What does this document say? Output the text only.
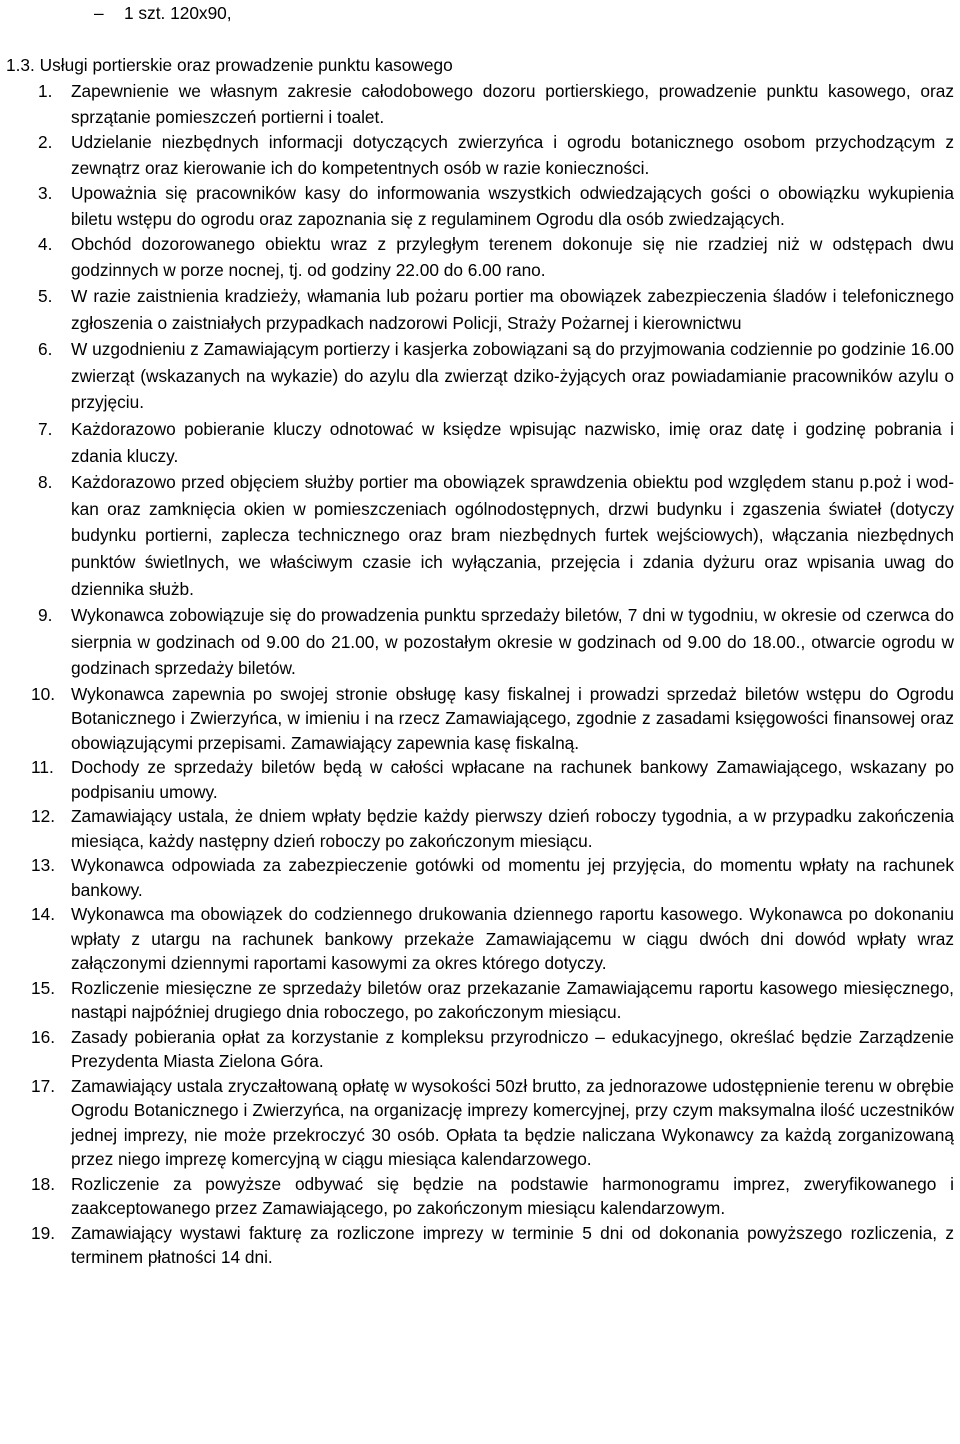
– 1 szt. 120x90,
1.3. Usługi portierskie oraz prowadzenie punktu kasowego
1. Zapewnienie we własnym zakresie całodobowego dozoru portierskiego, prowadzenie punktu kasowego, oraz sprzątanie pomieszczeń portierni i toalet.
2. Udzielanie niezbędnych informacji dotyczących zwierzyńca i ogrodu botanicznego osobom przychodzącym z zewnątrz oraz kierowanie ich do kompetentnych osób w razie konieczności.
3. Upoważnia się pracowników kasy do informowania wszystkich odwiedzających gości o obowiązku wykupienia biletu wstępu do ogrodu oraz zapoznania się z regulaminem Ogrodu dla osób zwiedzających.
4. Obchód dozorowanego obiektu wraz z przyległym terenem dokonuje się nie rzadziej niż w odstępach dwu godzinnych w porze nocnej, tj. od godziny 22.00 do 6.00 rano.
5. W razie zaistnienia kradzieży, włamania lub pożaru portier ma obowiązek zabezpieczenia śladów i telefonicznego zgłoszenia o zaistniałych przypadkach nadzorowi Policji, Straży Pożarnej i kierownictwu
6. W uzgodnieniu z Zamawiającym portierzy i kasjerka zobowiązani są do przyjmowania codziennie po godzinie 16.00 zwierząt (wskazanych na wykazie) do azylu dla zwierząt dziko-żyjących oraz powiadamianie pracowników azylu o przyjęciu.
7. Każdorazowo pobieranie kluczy odnotować w księdze wpisując nazwisko, imię oraz datę i godzinę pobrania i zdania kluczy.
8. Każdorazowo przed objęciem służby portier ma obowiązek sprawdzenia obiektu pod względem stanu p.poż i wod-kan oraz zamknięcia okien w pomieszczeniach ogólnodostępnych, drzwi budynku i zgaszenia świateł (dotyczy budynku portierni, zaplecza technicznego oraz bram niezbędnych furtek wejściowych), włączania niezbędnych punktów świetlnych, we właściwym czasie ich wyłączania, przejęcia i zdania dyżuru oraz wpisania uwag do dziennika służb.
9. Wykonawca zobowiązuje się do prowadzenia punktu sprzedaży biletów, 7 dni w tygodniu, w okresie od czerwca do sierpnia w godzinach od 9.00 do 21.00, w pozostałym okresie w godzinach od 9.00 do 18.00., otwarcie ogrodu w godzinach sprzedaży biletów.
10. Wykonawca zapewnia po swojej stronie obsługę kasy fiskalnej i prowadzi sprzedaż biletów wstępu do Ogrodu Botanicznego i Zwierzyńca, w imieniu i na rzecz Zamawiającego, zgodnie z zasadami księgowości finansowej oraz obowiązującymi przepisami. Zamawiający zapewnia kasę fiskalną.
11. Dochody ze sprzedaży biletów będą w całości wpłacane na rachunek bankowy Zamawiającego, wskazany po podpisaniu umowy.
12. Zamawiający ustala, że dniem wpłaty będzie każdy pierwszy dzień roboczy tygodnia, a w przypadku zakończenia miesiąca, każdy następny dzień roboczy po zakończonym miesiącu.
13. Wykonawca odpowiada za zabezpieczenie gotówki od momentu jej przyjęcia, do momentu wpłaty na rachunek bankowy.
14. Wykonawca ma obowiązek do codziennego drukowania dziennego raportu kasowego. Wykonawca po dokonaniu wpłaty z utargu na rachunek bankowy przekaże Zamawiającemu w ciągu dwóch dni dowód wpłaty wraz załączonymi dziennymi raportami kasowymi za okres którego dotyczy.
15. Rozliczenie miesięczne ze sprzedaży biletów oraz przekazanie Zamawiającemu raportu kasowego miesięcznego, nastąpi najpóźniej drugiego dnia roboczego, po zakończonym miesiącu.
16. Zasady pobierania opłat za korzystanie z kompleksu przyrodniczo – edukacyjnego, określać będzie Zarządzenie Prezydenta Miasta Zielona Góra.
17. Zamawiający ustala zryczałtowaną opłatę w wysokości 50zł brutto, za jednorazowe udostępnienie terenu w obrębie Ogrodu Botanicznego i Zwierzyńca, na organizację imprezy komercyjnej, przy czym maksymalna ilość uczestników jednej imprezy, nie może przekroczyć 30 osób. Opłata ta będzie naliczana Wykonawcy za każdą zorganizowaną przez niego imprezę komercyjną w ciągu miesiąca kalendarzowego.
18. Rozliczenie za powyższe odbywać się będzie na podstawie harmonogramu imprez, zweryfikowanego i zaakceptowanego przez Zamawiającego, po zakończonym miesiącu kalendarzowym.
19. Zamawiający wystawi fakturę za rozliczone imprezy w terminie 5 dni od dokonania powyższego rozliczenia, z terminem płatności 14 dni.
